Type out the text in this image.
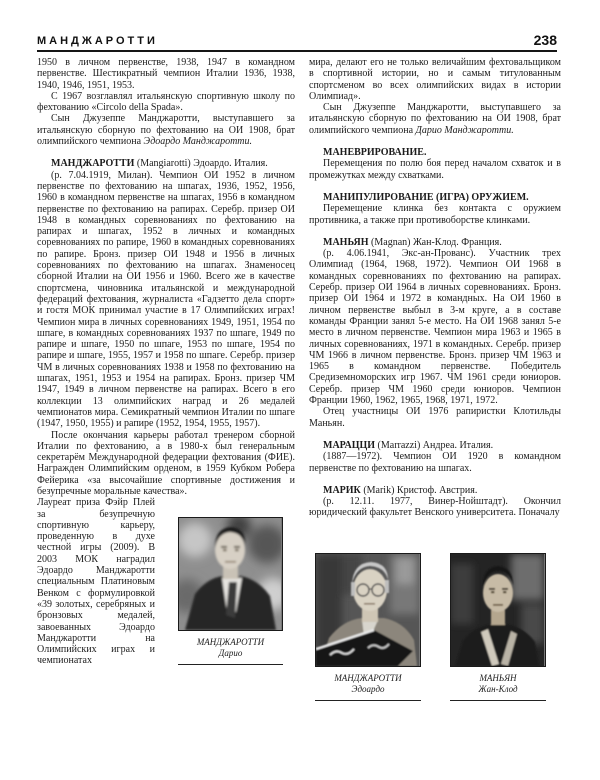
МАНДЖАРОТТИ	238

1950 в личном первенстве, 1938, 1947 в командном первенстве. Шестикратный чемпион Италии 1936, 1938, 1940, 1946, 1951, 1953.

С 1967 возглавлял итальянскую спортивную школу по фехтованию «Circolo della Spada».

Сын Джузеппе Манджаротти, выступавшего за итальянскую сборную по фехтованию на ОИ 1908, брат олимпийского чемпиона Эдоардо Манджаротти.

МАНДЖАРОТТИ (Mangiarotti) Эдоардо. Италия.

(р. 7.04.1919, Милан). Чемпион ОИ 1952 в личном первенстве по фехтованию на шпагах, 1936, 1952, 1956, 1960 в командном первенстве на шпагах, 1956 в командном первенстве по фехтованию на рапирах. Серебр. призер ОИ 1948 в командных соревнованиях по фехтованию на рапирах и шпагах, 1952 в личных и командных соревнованиях по рапире, 1960 в командных соревнованиях по рапире. Бронз. призер ОИ 1948 и 1956 в личных соревнованиях по фехтованию на шпагах. Знаменосец сборной Италии на ОИ 1956 и 1960. Всего же в качестве спортсмена, чиновника итальянской и международной федераций фехтования, журналиста «Гадзетто дела спорт» и гостя МОК принимал участие в 17 Олимпийских играх! Чемпион мира в личных соревнованиях 1949, 1951, 1954 по шпаге, в командных соревнованиях 1937 по шпаге, 1949 по рапире и шпаге, 1950 по шпаге, 1953 по шпаге, 1954 по рапире и шпаге, 1955, 1957 и 1958 по шпаге. Серебр. призер ЧМ в личных соревнованиях 1938 и 1958 по фехтованию на шпагах, 1951, 1953 и 1954 на рапирах. Бронз. призер ЧМ 1947, 1949 в личном первенстве на рапирах. Всего в его коллекции 13 олимпийских наград и 26 медалей чемпионатов мира. Семикратный чемпион Италии по шпаге (1947, 1950, 1955) и рапире (1952, 1954, 1955, 1957).

После окончания карьеры работал тренером сборной Италии по фехтованию, а в 1980-х был генеральным секретарём Международной федерации фехтования (ФИЕ). Награжден Олимпийским орденом, в 1959 Кубком Робера Фейерика «за высочайшие спортивные достижения и безупречные моральные качества».

Лауреат приза Фэйр Плей за безупречную спортивную карьеру, проведенную в духе честной игры (2009). В 2003 МОК наградил Эдоардо Манджаротти специальным Платиновым Венком с формулировкой «39 золотых, серебряных и бронзовых медалей, завоеванных Эдоардо Манджаротти на Олимпийских играх и чемпионатах
МАНДЖАРОТТИ
Дарио

мира, делают его не только величайшим фехтовальщиком в спортивной истории, но и самым титулованным спортсменом во всех олимпийских видах в истории Олимпиад».

Сын Джузеппе Манджаротти, выступавшего за итальянскую сборную по фехтованию на ОИ 1908, брат олимпийского чемпиона Дарио Манджаротти.

МАНЕВРИРОВАНИЕ.

Перемещения по полю боя перед началом схваток и в промежутках между схватками.

МАНИПУЛИРОВАНИЕ (ИГРА) ОРУЖИЕМ.

Перемещение клинка без контакта с оружием противника, а также при противоборстве клинками.

МАНЬЯН (Magnan) Жан-Клод. Франция.

(р. 4.06.1941, Экс-ан-Прованс). Участник трех Олимпиад (1964, 1968, 1972). Чемпион ОИ 1968 в командных соревнованиях по фехтованию на рапирах. Серебр. призер ОИ 1964 в личных соревнованиях. Бронз. призер ОИ 1964 и 1972 в командных. На ОИ 1960 в личном первенстве выбыл в 3-м круге, а в составе команды Франции занял 5-е место. На ОИ 1968 занял 5-е место в личном первенстве. Чемпион мира 1963 и 1965 в личных соревнованиях, 1971 в командных. Серебр. призер ЧМ 1966 в личном первенстве. Бронз. призер ЧМ 1963 и 1965 в командном первенстве. Победитель Средиземноморских игр 1967. ЧМ 1961 среди юниоров. Серебр. призер ЧМ 1960 среди юниоров. Чемпион Франции 1960, 1962, 1965, 1968, 1971, 1972.

Отец участницы ОИ 1976 рапиристки Клотильды Маньян.

МАРАЦЦИ (Marrazzi) Андреа. Италия.

(1887—1972). Чемпион ОИ 1920 в командном первенстве по фехтованию на шпагах.

МАРИК (Marik) Кристоф. Австрия.

(р. 12.11. 1977, Винер-Нойштадт). Окончил юридический факультет Венского университета. Поначалу

МАНДЖАРОТТИ
Эдоардо
МАНЬЯН
Жан-Клод
